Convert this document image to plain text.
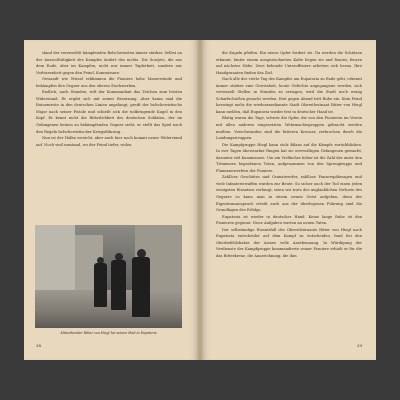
sland der verzweifelt kämpfenden Bolschewisten immer stärker. Selbst an der Ausstoßtätigkeit des Kampfes ändert das nichts. Die Sowjets, die aus dem Ende, aber im Kampfen, nicht nur immer Tapferkeit, sondern nur Verbissenheit gegen den Feind, Kommissare.

Gewandt wie Wiesel erklimmen die Pioniere hohe Mauerwände und bekämpfen den Gegner aus den oberen Stockwerken.

Endlich, nach Stunden, ruft der Kommandant das Zeichen zum letzten Widerstand. Er ergibt sich mit seiner Besatzung. Aber kaum sind die Ruinenreste in den deutschen Linien angelangt, greift der bolschewistische Major nach seiner Pistole und schießt sich die todbringende Kugel in den Kopf. Er kennt nicht die Ritterlichkeit des deutschen Soldaten, der im Gefangenen keinen zu bekämpfenden Gegner sieht, er stellt das Spiel nach den Regeln bolschewistischer Kriegsführung.

Nun ist der Halbe erreicht, aber auch hier noch kommt neuer Widerstand auf. Noch weil umstand, wo der Feind tiefer, wolen

Mitwirkender Ritter von Hiegl bei seinen Stab in Eupatoria
38

die Kugeln pfeifen. Ein neues Opfer fordert sie. Da werden die Schützen erkannt, hinter einem ausgezeichneten Kalte liegen sie und feuern, feuern auf nächster Nähe. Zwei behende Unteroffiziere arbeiten sich heran. Ihre Handgranaten finden das Ziel.

Nach alle der vierte Tag des Kampfes um Eupatoria zu Ende geht, erkennt immer stärker eine Gewissheit, heute Gefechte angegangene werden, sich vereinzelt Stellen in Stunden zu erringen, wird die Stadt noch wenig Scharfschießen gesucht werden. Erst gegen Abend tritt Ruhe ein. Kein Feind bezwingt mehr die wiederanerkannte Stadt Oberstleutnant Ritter von Hiegl kann melden, daß Eupatoria wieder fest in deutscher Hand ist.

Blutig waren die Tage, schwer die Opfer, die von den Pionieren im Verein mit allen anderen eingesetzten Wehrmachtsgruppen gebracht werden mußten. Verschwunden sind die bitteren Kreuzer, zerbrochen durch die Landungsstruppen.

Die Kampfgruppe Hiegl kann stolz Bilanz auf die Kämpfe zurückblicken. In vier Tagen überstarker Ringen hat sie overwältigen Gefangenen gemacht, darunter viel Kommissare. Um ein Vielfaches höher ist die Zahl der unter den Trümmern begrabenen Toten, aufgenommen von den Sprengtrupps und Flammenwerfern der Pioniere.

Zahllose Geschütze und Granatwerfer, zahllose Panzerspähwagen und viele Infanteriewaffen wurden zur Beute. So sicher auch der Tod einen jeden wenigsten Einsatzes verlangt, seien wir trotz der unglaublichen Verluste des Gegners so kann man in einem neuen Geist aufgeben, denn der Eigentumsanspruch erteilt auch aus der überlegenen Führung sind die Grundlagen des Erfolgs.

Eupatoria ist wieder in deutscher Hand. Keine lange Ruhe ist den Pionieren gegönnt. Neue Aufgaben warten an neuen Taten.

Der selbständige Einsatzfall des Oberstleutnants Ritter von Hiegl nach Eupatoria entscheidet auf dem Kampf zu entscheiden, fand bei den Oberbefehlshaber der Armee volle Anerkennung. In Würdigung der Verdienste der Kampfgruppe kommandierte seiner Pioniere erhielt er für die das Ritterkreuz, die Auszeichnung, die ihm

39
